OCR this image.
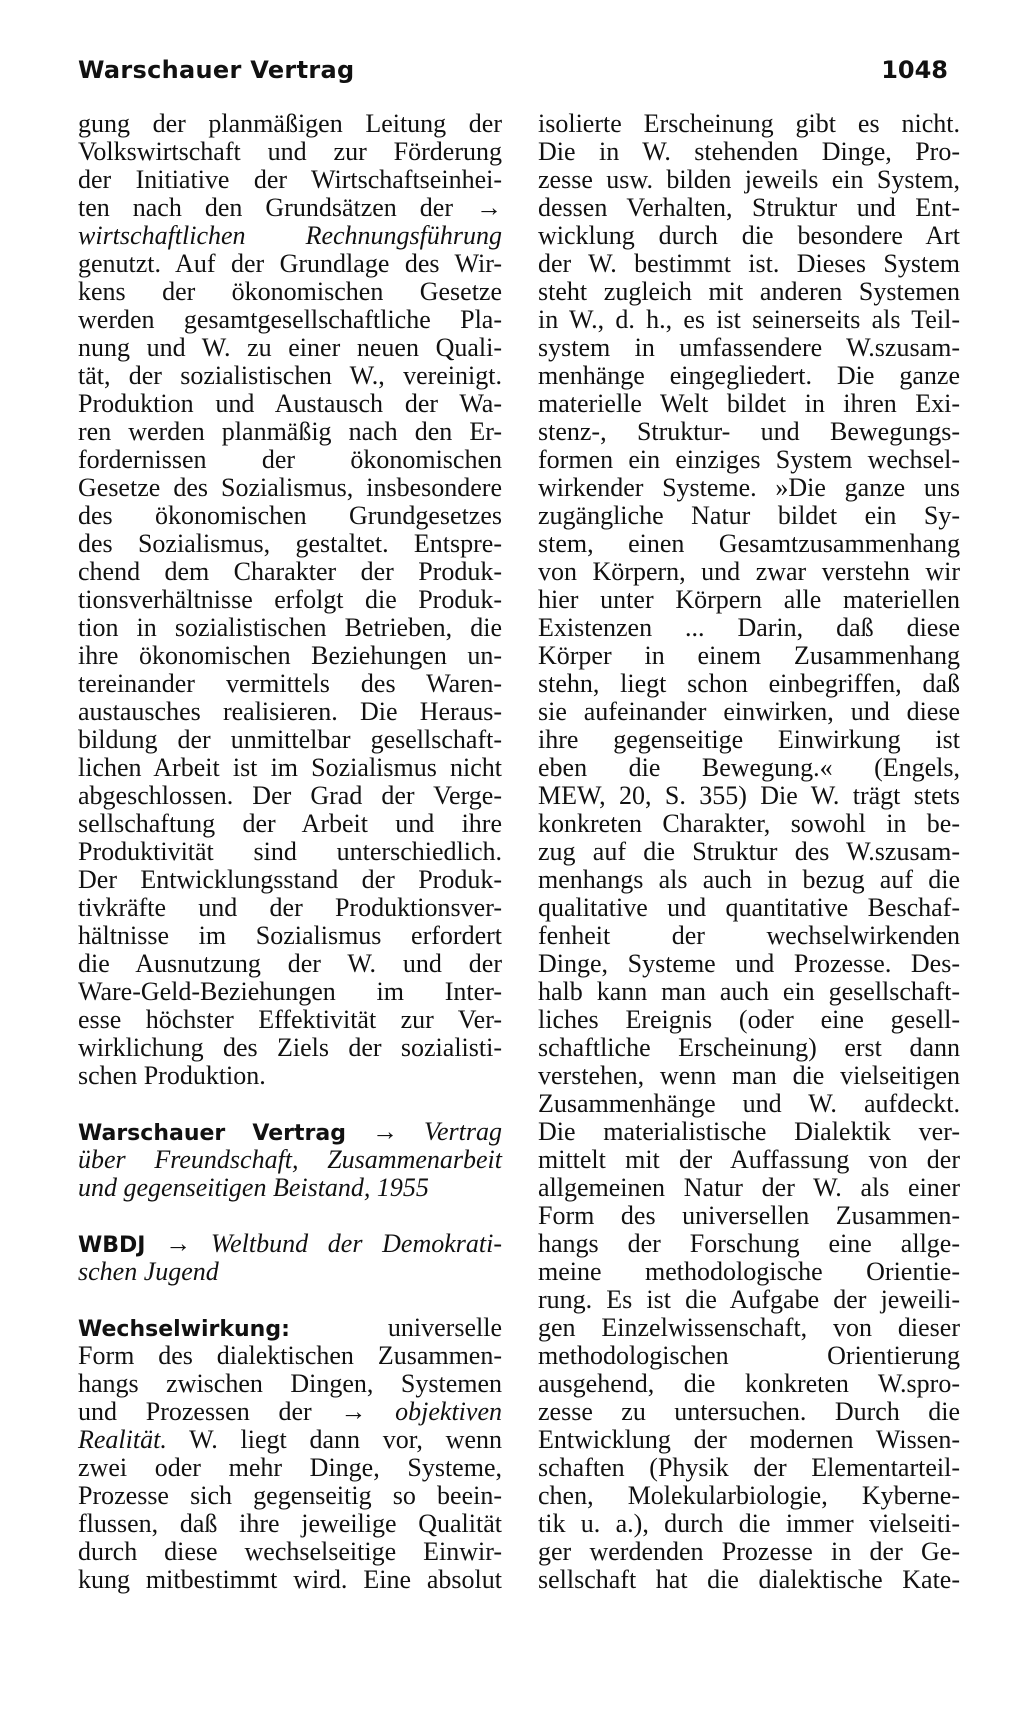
Warschauer Vertrag	1048
gung der planmäßigen Leitung der
Volkswirtschaft und zur Förderung
der Initiative der Wirtschaftseinhei-
ten nach den Grundsätzen der →
wirtschaftlichen Rechnungsführung
genutzt. Auf der Grundlage des Wir-
kens der ökonomischen Gesetze
werden gesamtgesellschaftliche Pla-
nung und W. zu einer neuen Quali-
tät, der sozialistischen W., vereinigt.
Produktion und Austausch der Wa-
ren werden planmäßig nach den Er-
fordernissen der ökonomischen
Gesetze des Sozialismus, insbesondere
des ökonomischen Grundgesetzes
des Sozialismus, gestaltet. Entspre-
chend dem Charakter der Produk-
tionsverhältnisse erfolgt die Produk-
tion in sozialistischen Betrieben, die
ihre ökonomischen Beziehungen un-
tereinander vermittels des Waren-
austausches realisieren. Die Heraus-
bildung der unmittelbar gesellschaft-
lichen Arbeit ist im Sozialismus nicht
abgeschlossen. Der Grad der Verge-
sellschaftung der Arbeit und ihre
Produktivität sind unterschiedlich.
Der Entwicklungsstand der Produk-
tivkräfte und der Produktionsver-
hältnisse im Sozialismus erfordert
die Ausnutzung der W. und der
Ware-Geld-Beziehungen im Inter-
esse höchster Effektivität zur Ver-
wirklichung des Ziels der sozialisti-
schen Produktion.
Warschauer Vertrag → Vertrag
über Freundschaft, Zusammenarbeit
und gegenseitigen Beistand, 1955
WBDJ → Weltbund der Demokrati-
schen Jugend
Wechselwirkung:	universelle
Form des dialektischen Zusammen-
hangs zwischen Dingen, Systemen
und Prozessen der → objektiven
Realität. W. liegt dann vor, wenn
zwei oder mehr Dinge, Systeme,
Prozesse sich gegenseitig so beein-
flussen, daß ihre jeweilige Qualität
durch diese wechselseitige Einwir-
kung mitbestimmt wird. Eine absolut
isolierte Erscheinung gibt es nicht.
Die in W. stehenden Dinge, Pro-
zesse usw. bilden jeweils ein System,
dessen Verhalten, Struktur und Ent-
wicklung durch die besondere Art
der W. bestimmt ist. Dieses System
steht zugleich mit anderen Systemen
in W., d. h., es ist seinerseits als Teil-
system in umfassendere W.szusam-
menhänge eingegliedert. Die ganze
materielle Welt bildet in ihren Exi-
stenz-, Struktur- und Bewegungs-
formen ein einziges System wechsel-
wirkender Systeme. »Die ganze uns
zugängliche Natur bildet ein Sy-
stem, einen Gesamtzusammenhang
von Körpern, und zwar verstehn wir
hier unter Körpern alle materiellen
Existenzen ... Darin, daß diese
Körper in einem Zusammenhang
stehn, liegt schon einbegriffen, daß
sie aufeinander einwirken, und diese
ihre gegenseitige Einwirkung ist
eben die Bewegung.« (Engels,
MEW, 20, S. 355) Die W. trägt stets
konkreten Charakter, sowohl in be-
zug auf die Struktur des W.szusam-
menhangs als auch in bezug auf die
qualitative und quantitative Beschaf-
fenheit der wechselwirkenden
Dinge, Systeme und Prozesse. Des-
halb kann man auch ein gesellschaft-
liches Ereignis (oder eine gesell-
schaftliche Erscheinung) erst dann
verstehen, wenn man die vielseitigen
Zusammenhänge und W. aufdeckt.
Die materialistische Dialektik ver-
mittelt mit der Auffassung von der
allgemeinen Natur der W. als einer
Form des universellen Zusammen-
hangs der Forschung eine allge-
meine methodologische Orientie-
rung. Es ist die Aufgabe der jeweili-
gen Einzelwissenschaft, von dieser
methodologischen Orientierung
ausgehend, die konkreten W.spro-
zesse zu untersuchen. Durch die
Entwicklung der modernen Wissen-
schaften (Physik der Elementarteil-
chen, Molekularbiologie, Kyberne-
tik u. a.), durch die immer vielseiti-
ger werdenden Prozesse in der Ge-
sellschaft hat die dialektische Kate-
